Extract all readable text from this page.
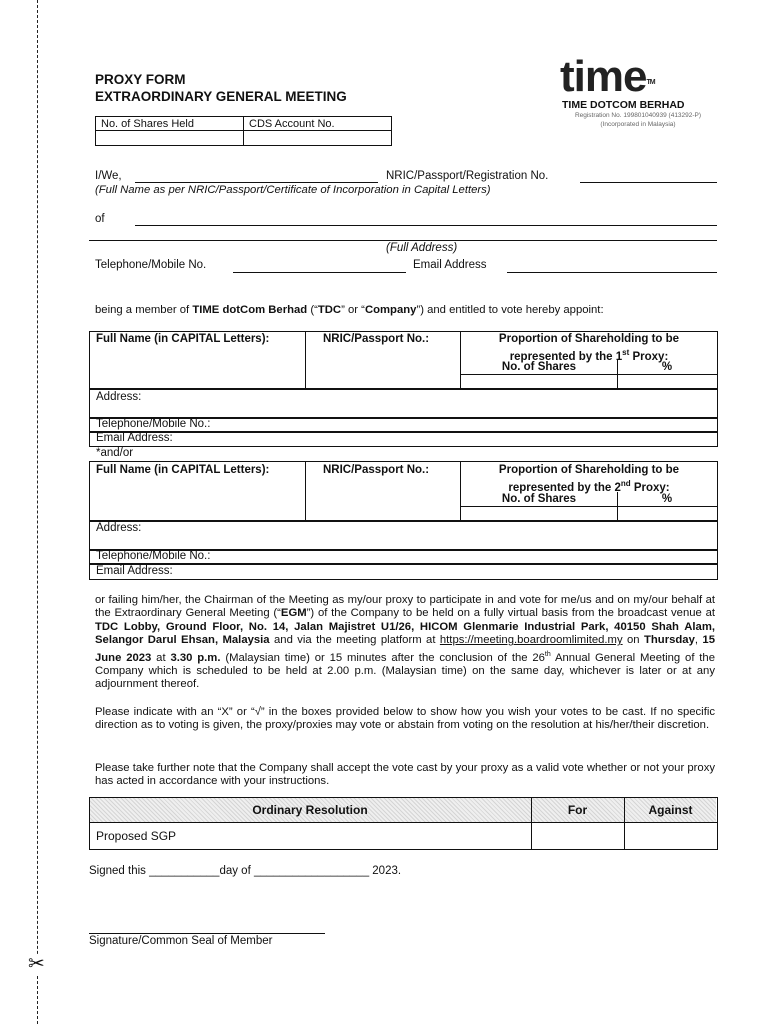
✂
PROXY FORM
EXTRAORDINARY GENERAL MEETING	time™
TIME DOTCOM BERHAD
Registration No. 199801040939 (413292-P)
(Incorporated in Malaysia)
No. of Shares Held	CDS Account No.

I/We,	NRIC/Passport/Registration No.
(Full Name as per NRIC/Passport/Certificate of Incorporation in Capital Letters)
of
(Full Address)
Telephone/Mobile No.	Email Address
being a member of TIME dotCom Berhad (“TDC” or “Company”) and entitled to vote hereby appoint:
Full Name (in CAPITAL Letters):	NRIC/Passport No.:	Proportion of Shareholding to be
represented by the 1st Proxy:
No. of Shares	%
Address:
Telephone/Mobile No.:
Email Address:
*and/or
Full Name (in CAPITAL Letters):	NRIC/Passport No.:	Proportion of Shareholding to be
represented by the 2nd Proxy:
No. of Shares	%
Address:
Telephone/Mobile No.:
Email Address:
or failing him/her, the Chairman of the Meeting as my/our proxy to participate in and vote for me/us and on my/our behalf at the Extraordinary General Meeting (“EGM”) of the Company to be held on a fully virtual basis from the broadcast venue at TDC Lobby, Ground Floor, No. 14, Jalan Majistret U1/26, HICOM Glenmarie Industrial Park, 40150 Shah Alam, Selangor Darul Ehsan, Malaysia and via the meeting platform at https://meeting.boardroomlimited.my on Thursday, 15 June 2023 at 3.30 p.m. (Malaysian time) or 15 minutes after the conclusion of the 26th Annual General Meeting of the Company which is scheduled to be held at 2.00 p.m. (Malaysian time) on the same day, whichever is later or at any adjournment thereof.
Please indicate with an “X” or “√” in the boxes provided below to show how you wish your votes to be cast. If no specific direction as to voting is given, the proxy/proxies may vote or abstain from voting on the resolution at his/her/their discretion.
Please take further note that the Company shall accept the vote cast by your proxy as a valid vote whether or not your proxy has acted in accordance with your instructions.
Ordinary Resolution	For	Against
Proposed SGP
Signed this ___________day of __________________ 2023.
Signature/Common Seal of Member
